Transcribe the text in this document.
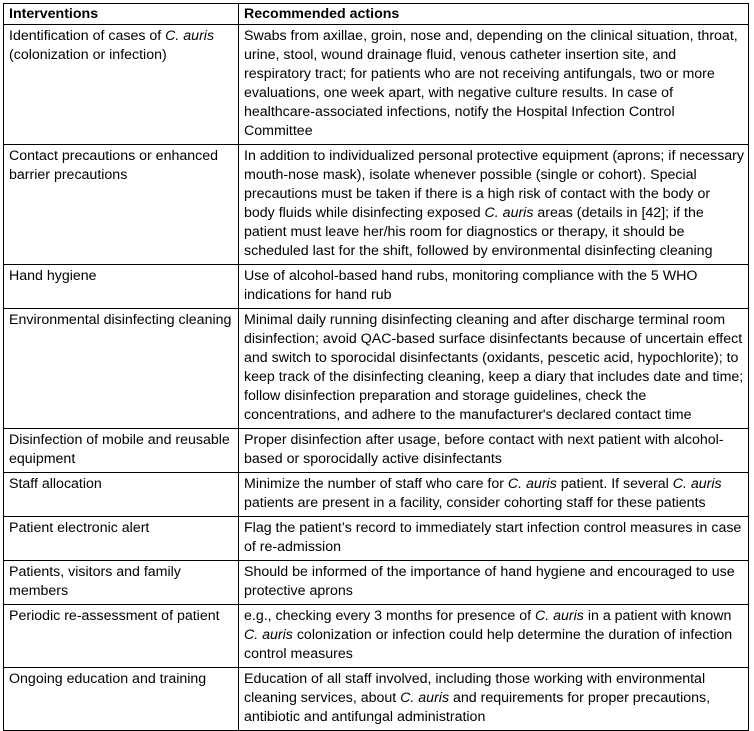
Interventions	Recommended actions
Identification of cases of C. auris (colonization or infection)	Swabs from axillae, groin, nose and, depending on the clinical situation, throat, urine, stool, wound drainage fluid, venous catheter insertion site, and respiratory tract; for patients who are not receiving antifungals, two or more evaluations, one week apart, with negative culture results. In case of healthcare-associated infections, notify the Hospital Infection Control Committee
Contact precautions or enhanced barrier precautions	In addition to individualized personal protective equipment (aprons; if necessary mouth-nose mask), isolate whenever possible (single or cohort). Special precautions must be taken if there is a high risk of contact with the body or body fluids while disinfecting exposed C. auris areas (details in [42]; if the patient must leave her/his room for diagnostics or therapy, it should be scheduled last for the shift, followed by environmental disinfecting cleaning
Hand hygiene	Use of alcohol-based hand rubs, monitoring compliance with the 5 WHO indications for hand rub
Environmental disinfecting cleaning	Minimal daily running disinfecting cleaning and after discharge terminal room disinfection; avoid QAC-based surface disinfectants because of uncertain effect and switch to sporocidal disinfectants (oxidants, pescetic acid, hypochlorite); to keep track of the disinfecting cleaning, keep a diary that includes date and time; follow disinfection preparation and storage guidelines, check the concentrations, and adhere to the manufacturer's declared contact time
Disinfection of mobile and reusable equipment	Proper disinfection after usage, before contact with next patient with alcohol-based or sporocidally active disinfectants
Staff allocation	Minimize the number of staff who care for C. auris patient. If several C. auris patients are present in a facility, consider cohorting staff for these patients
Patient electronic alert	Flag the patient’s record to immediately start infection control measures in case of re-admission
Patients, visitors and family members	Should be informed of the importance of hand hygiene and encouraged to use protective aprons
Periodic re-assessment of patient	e.g., checking every 3 months for presence of C. auris in a patient with known C. auris colonization or infection could help determine the duration of infection control measures
Ongoing education and training	Education of all staff involved, including those working with environmental cleaning services, about C. auris and requirements for proper precautions, antibiotic and antifungal administration
